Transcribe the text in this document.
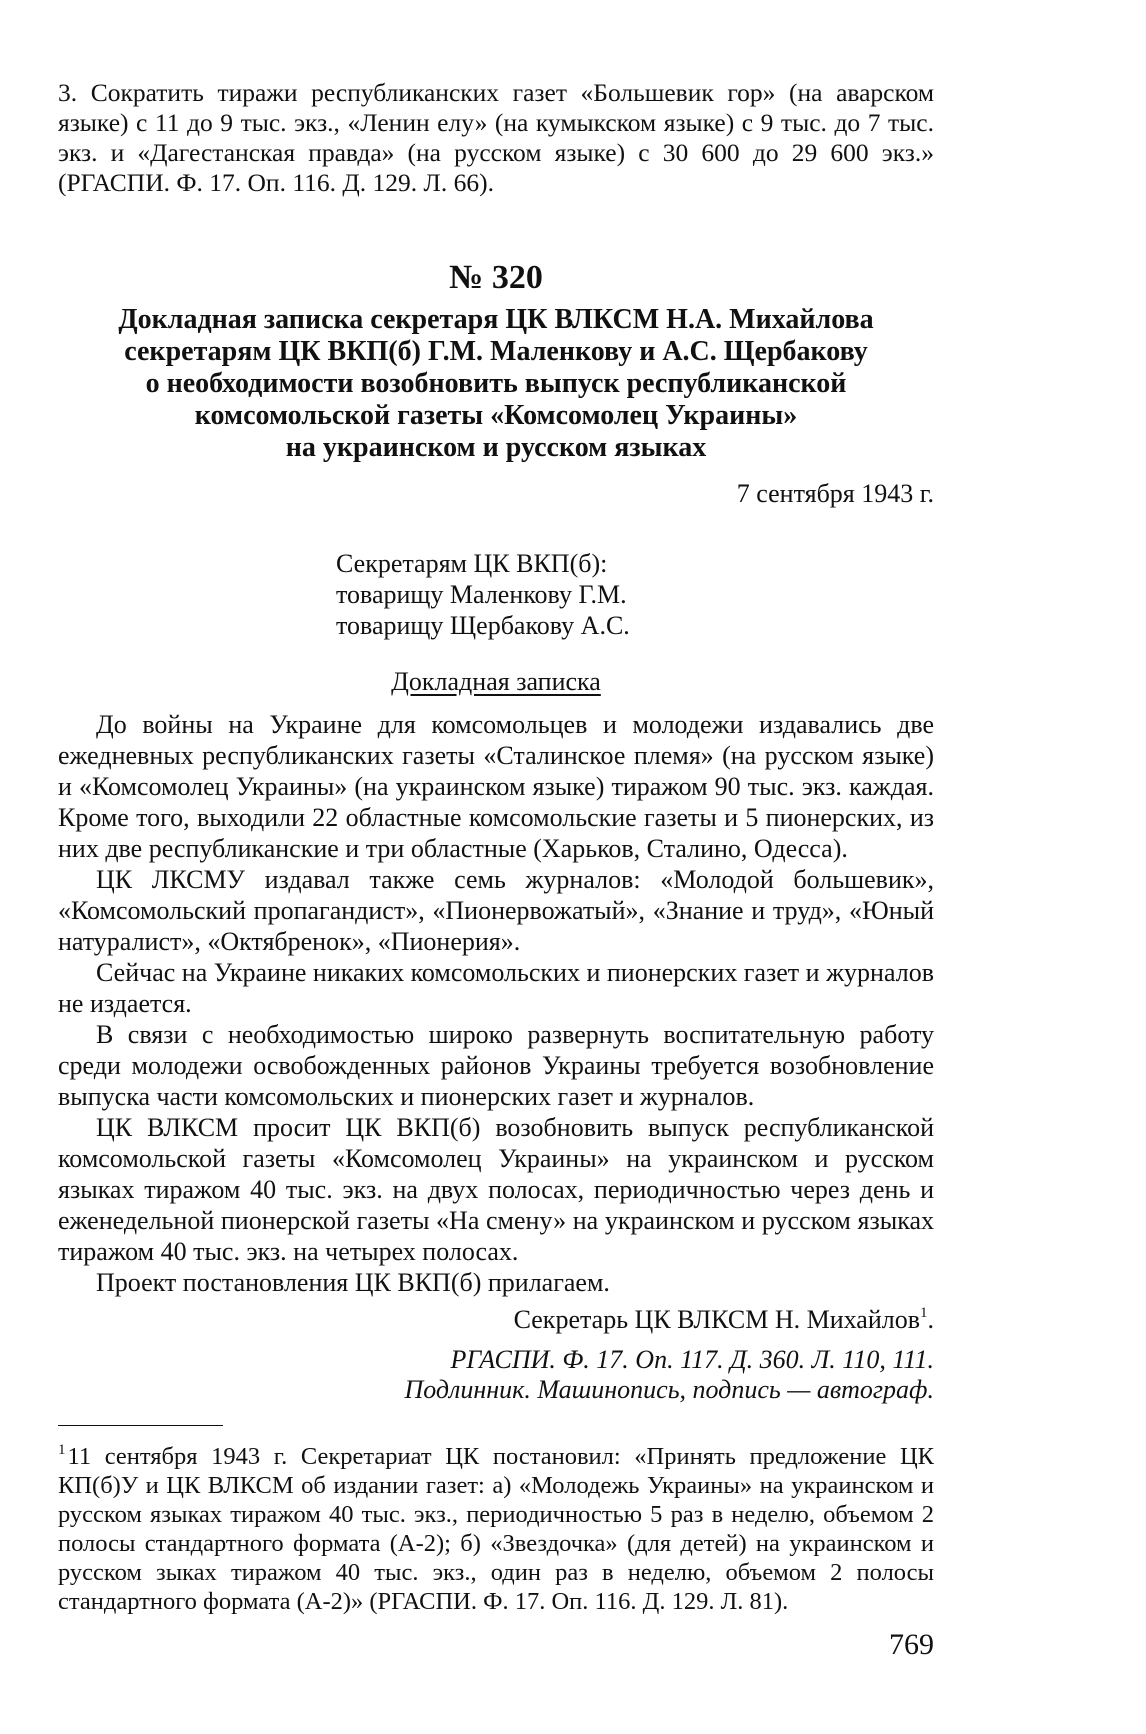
3. Сократить тиражи республиканских газет «Большевик гор» (на аварском языке) с 11 до 9 тыс. экз., «Ленин елу» (на кумыкском языке) с 9 тыс. до 7 тыс. экз. и «Дагестанская правда» (на русском языке) с 30 600 до 29 600 экз.» (РГАСПИ. Ф. 17. Оп. 116. Д. 129. Л. 66).

№ 320
Докладная записка секретаря ЦК ВЛКСМ Н.А. Михайлова
секретарям ЦК ВКП(б) Г.М. Маленкову и А.С. Щербакову
о необходимости возобновить выпуск республиканской
комсомольской газеты «Комсомолец Украины»
на украинском и русском языках
7 сентября 1943 г.
Секретарям ЦК ВКП(б):
товарищу Маленкову Г.М.
товарищу Щербакову А.С.
Докладная записка

До войны на Украине для комсомольцев и молодежи издавались две ежедневных республиканских газеты «Сталинское племя» (на русском языке) и «Комсомолец Украины» (на украинском языке) тиражом 90 тыс. экз. каждая. Кроме того, выходили 22 областные комсомольские газеты и 5 пионерских, из них две республиканские и три областные (Харьков, Сталино, Одесса).

ЦК ЛКСМУ издавал также семь журналов: «Молодой большевик», «Комсомольский пропагандист», «Пионервожатый», «Знание и труд», «Юный натуралист», «Октябренок», «Пионерия».

Сейчас на Украине никаких комсомольских и пионерских газет и журналов не издается.

В связи с необходимостью широко развернуть воспитательную работу среди молодежи освобожденных районов Украины требуется возобновление выпуска части комсомольских и пионерских газет и журналов.

ЦК ВЛКСМ просит ЦК ВКП(б) возобновить выпуск республиканской комсомольской газеты «Комсомолец Украины» на украинском и русском языках тиражом 40 тыс. экз. на двух полосах, периодичностью через день и еженедельной пионерской газеты «На смену» на украинском и русском языках тиражом 40 тыс. экз. на четырех полосах.

Проект постановления ЦК ВКП(б) прилагаем.

Секретарь ЦК ВЛКСМ Н. Михайлов$^1$.
РГАСПИ. Ф. 17. Оп. 117. Д. 360. Л. 110, 111.
Подлинник. Машинопись, подпись — автограф.

$^1$11 сентября 1943 г. Секретариат ЦК постановил: «Принять предложение ЦК КП(б)У и ЦК ВЛКСМ об издании газет: а) «Молодежь Украины» на украинском и русском языках тиражом 40 тыс. экз., периодичностью 5 раз в неделю, объемом 2 полосы стандартного формата (А-2); б) «Звездочка» (для детей) на украинском и русском зыках тиражом 40 тыс. экз., один раз в неделю, объемом 2 полосы стандартного формата (А-2)» (РГАСПИ. Ф. 17. Оп. 116. Д. 129. Л. 81).

769
